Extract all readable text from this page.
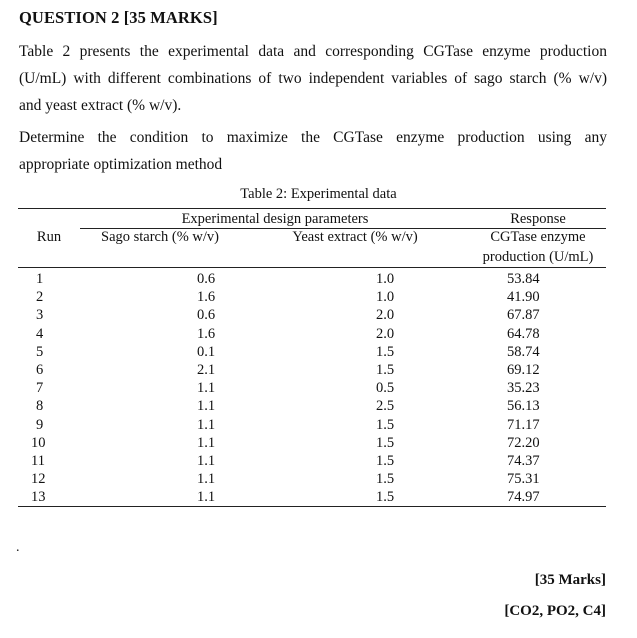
QUESTION 2 [35 MARKS]
Table 2 presents the experimental data and corresponding CGTase enzyme production
(U/mL) with different combinations of two independent variables of sago starch (% w/v)
and yeast extract (% w/v).
Determine the condition to maximize the CGTase enzyme production using any
appropriate optimization method
Table 2: Experimental data
	Experimental design parameters		Response
Run	Sago starch (% w/v)	Yeast extract (% w/v)	CGTase enzyme
			production (U/mL)
1	0.6	1.0	53.84
2	1.6	1.0	41.90
3	0.6	2.0	67.87
4	1.6	2.0	64.78
5	0.1	1.5	58.74
6	2.1	1.5	69.12
7	1.1	0.5	35.23
8	1.1	2.5	56.13
9	1.1	1.5	71.17
10	1.1	1.5	72.20
11	1.1	1.5	74.37
12	1.1	1.5	75.31
13	1.1	1.5	74.97
.
[35 Marks]
[CO2, PO2, C4]
